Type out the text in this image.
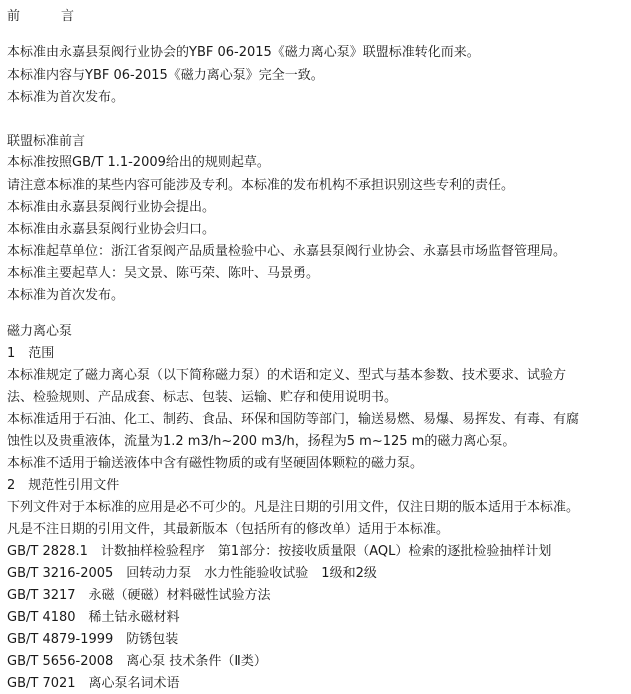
前　言
本标准由永嘉县泵阀行业协会的YBF 06-2015《磁力离心泵》联盟标准转化而来。
本标准内容与YBF 06-2015《磁力离心泵》完全一致。
本标准为首次发布。
联盟标准前言
本标准按照GB/T 1.1-2009给出的规则起草。
请注意本标准的某些内容可能涉及专利。本标准的发布机构不承担识别这些专利的责任。
本标准由永嘉县泵阀行业协会提出。
本标准由永嘉县泵阀行业协会归口。
本标准起草单位：浙江省泵阀产品质量检验中心、永嘉县泵阀行业协会、永嘉县市场监督管理局。
本标准主要起草人：吴文景、陈丐荣、陈叶、马景勇。
本标准为首次发布。
磁力离心泵
1　范围
本标准规定了磁力离心泵（以下简称磁力泵）的术语和定义、型式与基本参数、技术要求、试验方
法、检验规则、产品成套、标志、包装、运输、贮存和使用说明书。
本标准适用于石油、化工、制药、食品、环保和国防等部门，输送易燃、易爆、易挥发、有毒、有腐
蚀性以及贵重液体，流量为1.2 m3/h~200 m3/h，扬程为5 m~125 m的磁力离心泵。
本标准不适用于输送液体中含有磁性物质的或有坚硬固体颗粒的磁力泵。
2　规范性引用文件
下列文件对于本标准的应用是必不可少的。凡是注日期的引用文件，仅注日期的版本适用于本标准。
凡是不注日期的引用文件，其最新版本（包括所有的修改单）适用于本标准。
GB/T 2828.1　计数抽样检验程序　第1部分：按接收质量限（AQL）检索的逐批检验抽样计划
GB/T 3216-2005　回转动力泵　水力性能验收试验　1级和2级
GB/T 3217　永磁（硬磁）材料磁性试验方法
GB/T 4180　稀土钴永磁材料
GB/T 4879-1999　防锈包装
GB/T 5656-2008　离心泵 技术条件（Ⅱ类）
GB/T 7021　离心泵名词术语
